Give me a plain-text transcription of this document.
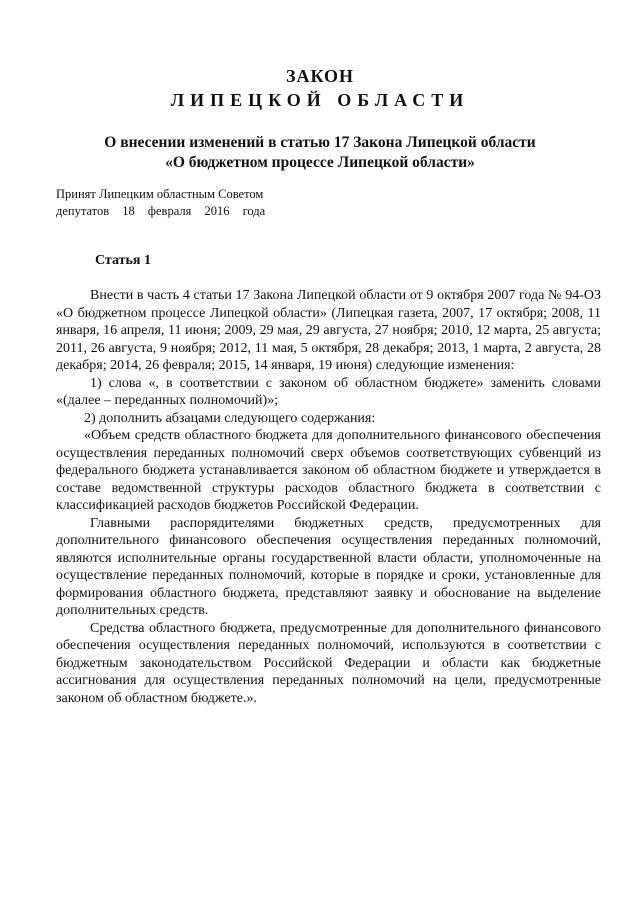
ЗАКОН
ЛИПЕЦКОЙ ОБЛАСТИ
О внесении изменений в статью 17 Закона Липецкой области
«О бюджетном процессе Липецкой области»
Принят Липецким областным Советом
депутатов 18 февраля 2016 года
Статья 1

Внести в часть 4 статьи 17 Закона Липецкой области от 9 октября 2007 года № 94-ОЗ «О бюджетном процессе Липецкой области» (Липецкая газета, 2007, 17 октября; 2008, 11 января, 16 апреля, 11 июня; 2009, 29 мая, 29 августа, 27 ноября; 2010, 12 марта, 25 августа; 2011, 26 августа, 9 ноября; 2012, 11 мая, 5 октября, 28 декабря; 2013, 1 марта, 2 августа, 28 декабря; 2014, 26 февраля; 2015, 14 января, 19 июня) следующие изменения:

1) слова «, в соответствии с законом об областном бюджете» заменить словами «(далее – переданных полномочий)»;

2) дополнить абзацами следующего содержания:

«Объем средств областного бюджета для дополнительного финансового обеспечения осуществления переданных полномочий сверх объемов соответствующих субвенций из федерального бюджета устанавливается законом об областном бюджете и утверждается в составе ведомственной структуры расходов областного бюджета в соответствии с классификацией расходов бюджетов Российской Федерации.

Главными распорядителями бюджетных средств, предусмотренных для дополнительного финансового обеспечения осуществления переданных полномочий, являются исполнительные органы государственной власти области, уполномоченные на осуществление переданных полномочий, которые в порядке и сроки, установленные для формирования областного бюджета, представляют заявку и обоснование на выделение дополнительных средств.

Средства областного бюджета, предусмотренные для дополнительного финансового обеспечения осуществления переданных полномочий, используются в соответствии с бюджетным законодательством Российской Федерации и области как бюджетные ассигнования для осуществления переданных полномочий на цели, предусмотренные законом об областном бюджете.».
